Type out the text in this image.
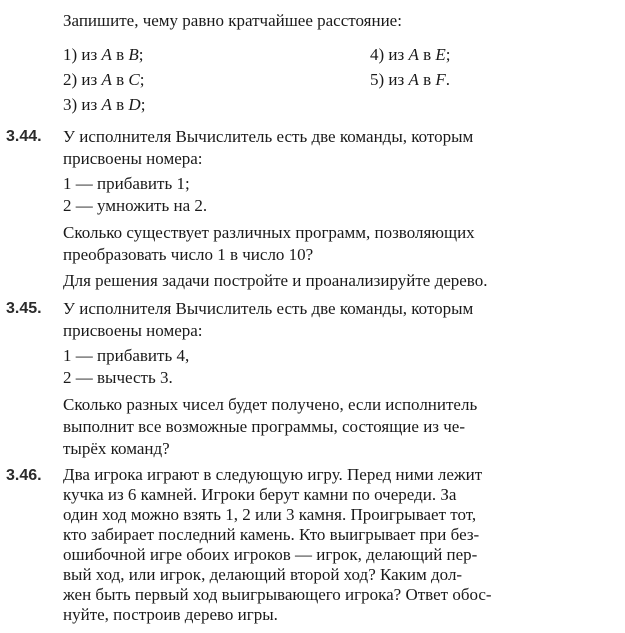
Запишите, чему равно кратчайшее расстояние:
1) из A в B;
2) из A в C;
3) из A в D;
4) из A в E;
5) из A в F.
3.44. У исполнителя Вычислитель есть две команды, которым
присвоены номера:
1 — прибавить 1;
2 — умножить на 2.
Сколько существует различных программ, позволяющих
преобразовать число 1 в число 10?
Для решения задачи постройте и проанализируйте дерево.
3.45. У исполнителя Вычислитель есть две команды, которым
присвоены номера:
1 — прибавить 4,
2 — вычесть 3.
Сколько разных чисел будет получено, если исполнитель
выполнит все возможные программы, состоящие из че-
тырёх команд?
3.46. Два игрока играют в следующую игру. Перед ними лежит
кучка из 6 камней. Игроки берут камни по очереди. За
один ход можно взять 1, 2 или 3 камня. Проигрывает тот,
кто забирает последний камень. Кто выигрывает при без-
ошибочной игре обоих игроков — игрок, делающий пер-
вый ход, или игрок, делающий второй ход? Каким дол-
жен быть первый ход выигрывающего игрока? Ответ обос-
нуйте, построив дерево игры.
